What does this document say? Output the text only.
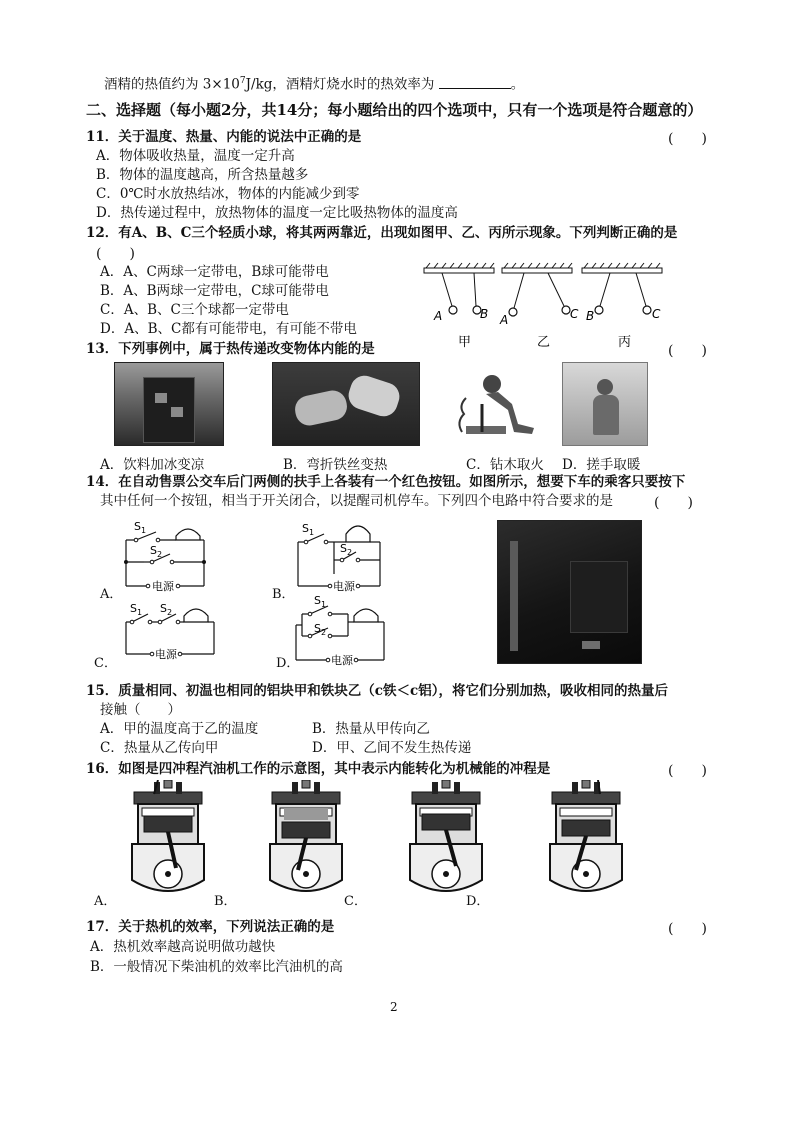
酒精的热值约为 $3\times 10^7J/kg$，酒精灯烧水时的热效率为	。
二、选择题（每小题2分，共14分；每小题给出的四个选项中，只有一个选项是符合题意的）
11．关于温度、热量、内能的说法中正确的是	(　　)
A．物体吸收热量，温度一定升高
B．物体的温度越高，所含热量越多
C．0℃时水放热结冰，物体的内能减少到零
D．热传递过程中，放热物体的温度一定比吸热物体的温度高
12．有A、B、C三个轻质小球，将其两两靠近，出现如图甲、乙、丙所示现象。下列判断正确的是
(　　)
A．A、C两球一定带电，B球可能带电
B．A、B两球一定带电，C球可能带电
C．A、B、C三个球都一定带电
D．A、B、C都有可能带电，有可能不带电
A	B A	C B	C
甲	乙	丙
13．下列事例中，属于热传递改变物体内能的是	(　　)
A．饮料加冰变凉	B．弯折铁丝变热	C．钻木取火 D．搓手取暖
14．在自动售票公交车后门两侧的扶手上各装有一个红色按钮。如图所示，想要下车的乘客只要按下
其中任何一个按钮，相当于开关闭合，以提醒司机停车。下列四个电路中符合要求的是	(　　)
$S_1$
$S_2$
电源
A．
$S_1$
$S_2$
电源
B．
$S_1$ $S_2$
电源
C．
$S_1$
$S_2$
电源
D．
15．质量相同、初温也相同的铝块甲和铁块乙（c铁＜c铝），将它们分别加热，吸收相同的热量后
接触（　　）
A．甲的温度高于乙的温度	B．热量从甲传向乙
C．热量从乙传向甲	D．甲、乙间不发生热传递
16．如图是四冲程汽油机工作的示意图，其中表示内能转化为机械能的冲程是	(　　)
A．	B．	C．	D．
17．关于热机的效率，下列说法正确的是	(　　)
A．热机效率越高说明做功越快
B．一般情况下柴油机的效率比汽油机的高
2
